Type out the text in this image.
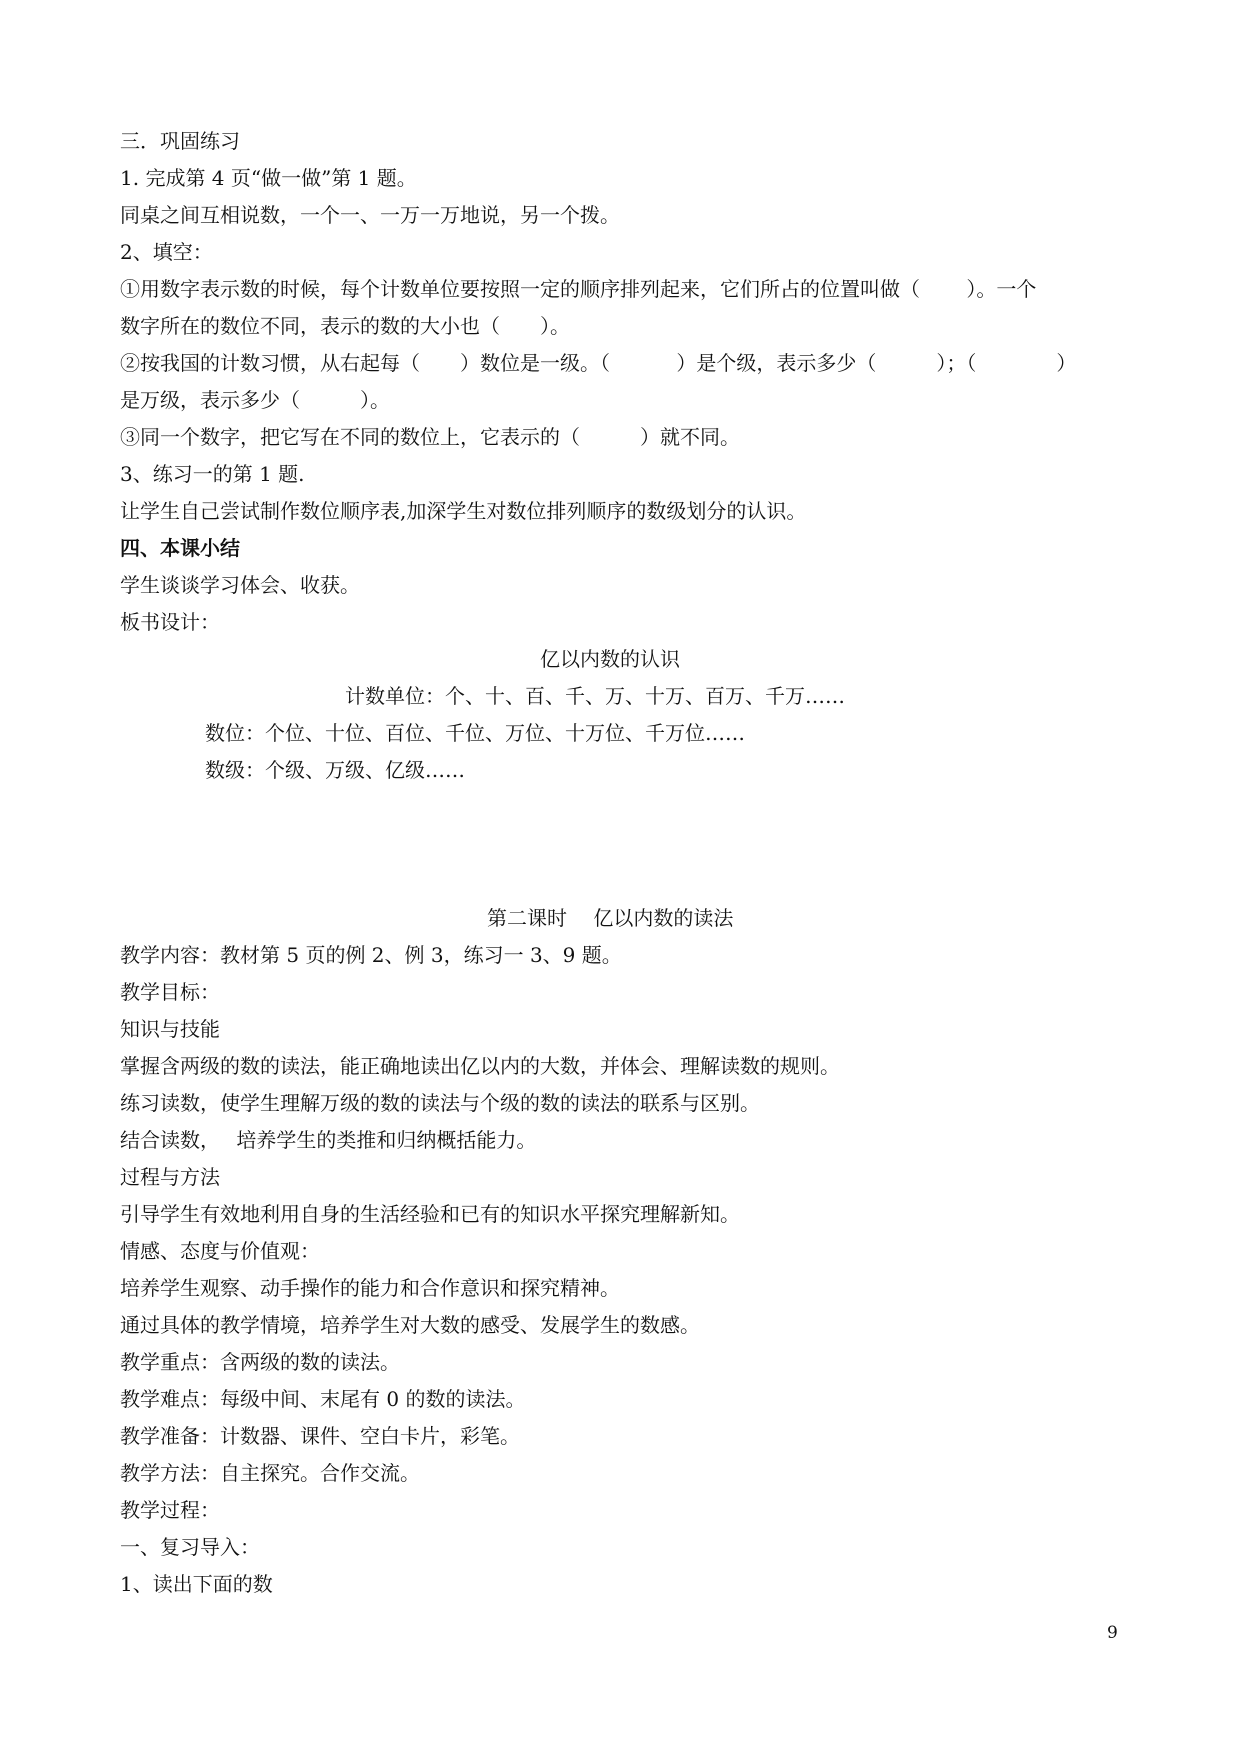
三．巩固练习
1. 完成第 4 页“做一做”第 1 题。
同桌之间互相说数，一个一、一万一万地说，另一个拨。
2、填空：
①用数字表示数的时候，每个计数单位要按照一定的顺序排列起来，它们所占的位置叫做（　　 ）。一个
数字所在的数位不同，表示的数的大小也（　　）。
②按我国的计数习惯，从右起每（　　）数位是一级。（　　　 ）是个级，表示多少（　　　）；（　　　　）
是万级，表示多少（　　　）。
③同一个数字，把它写在不同的数位上，它表示的（　　　）就不同。
3、练习一的第 1 题.
让学生自己尝试制作数位顺序表,加深学生对数位排列顺序的数级划分的认识。
四、本课小结
学生谈谈学习体会、收获。
板书设计：
亿以内数的认识
计数单位：个、十、百、千、万、十万、百万、千万……
数位：个位、十位、百位、千位、万位、十万位、千万位……
数级：个级、万级、亿级……
第二课时　 亿以内数的读法
教学内容：教材第 5 页的例 2、例 3，练习一 3、9 题。
教学目标：
知识与技能
掌握含两级的数的读法，能正确地读出亿以内的大数，并体会、理解读数的规则。
练习读数，使学生理解万级的数的读法与个级的数的读法的联系与区别。
结合读数，　 培养学生的类推和归纳概括能力。
过程与方法
引导学生有效地利用自身的生活经验和已有的知识水平探究理解新知。
情感、态度与价值观：
培养学生观察、动手操作的能力和合作意识和探究精神。
通过具体的教学情境，培养学生对大数的感受、发展学生的数感。
教学重点：含两级的数的读法。
教学难点：每级中间、末尾有 0 的数的读法。
教学准备：计数器、课件、空白卡片，彩笔。
教学方法：自主探究。合作交流。
教学过程：
一、复习导入：
1、读出下面的数
9
